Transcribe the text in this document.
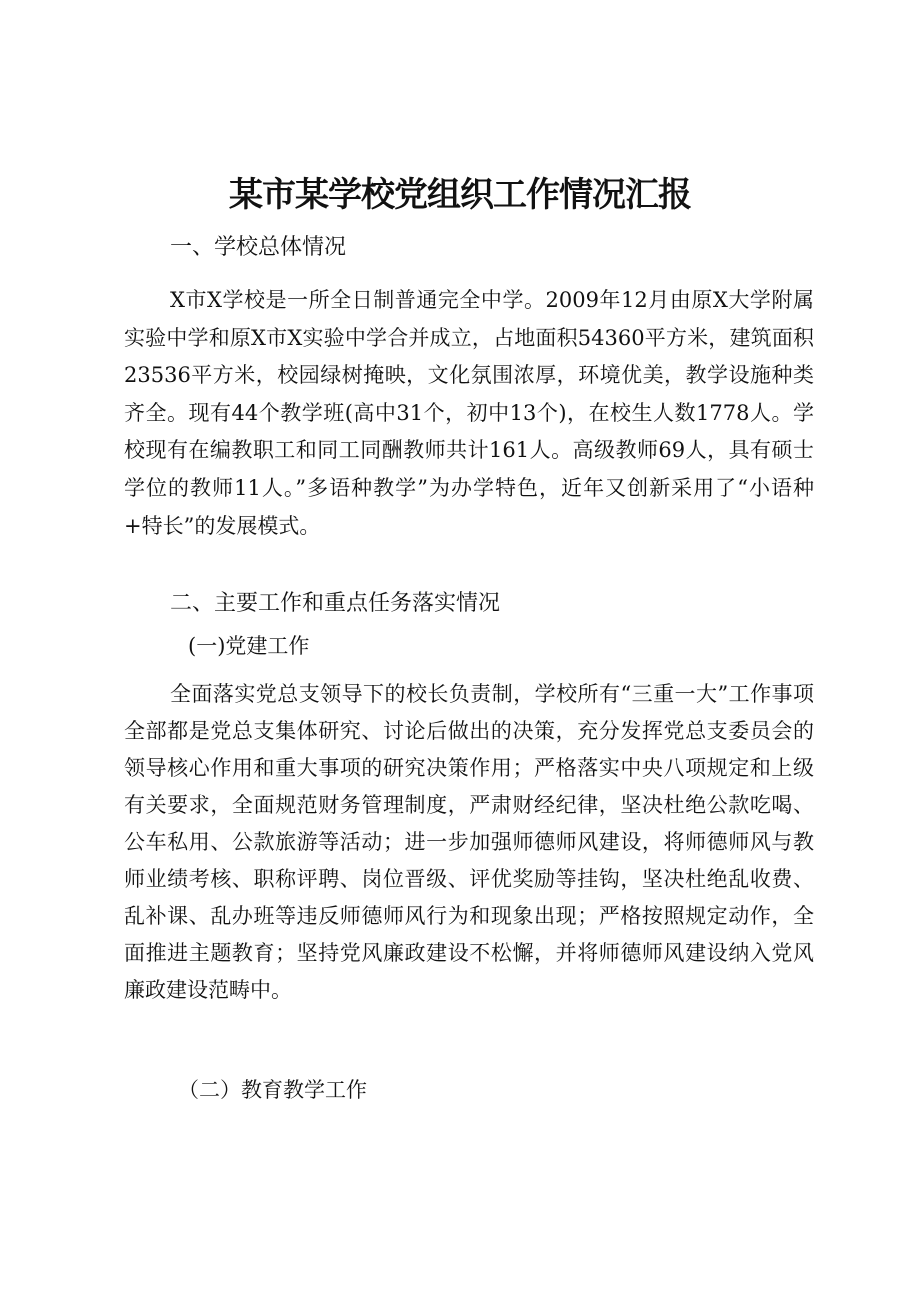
某市某学校党组织工作情况汇报
一、学校总体情况

X市X学校是一所全日制普通完全中学。2009年12月由原X大学附属实验中学和原X市X实验中学合并成立，占地面积54360平方米，建筑面积23536平方米，校园绿树掩映，文化氛围浓厚，环境优美，教学设施种类齐全。现有44个教学班(高中31个，初中13个)，在校生人数1778人。学校现有在编教职工和同工同酬教师共计161人。高级教师69人，具有硕士学位的教师11人。”多语种教学”为办学特色，近年又创新采用了“小语种+特长”的发展模式。

二、主要工作和重点任务落实情况
(一)党建工作

全面落实党总支领导下的校长负责制，学校所有“三重一大”工作事项全部都是党总支集体研究、讨论后做出的决策，充分发挥党总支委员会的领导核心作用和重大事项的研究决策作用；严格落实中央八项规定和上级有关要求，全面规范财务管理制度，严肃财经纪律，坚决杜绝公款吃喝、公车私用、公款旅游等活动；进一步加强师德师风建设，将师德师风与教师业绩考核、职称评聘、岗位晋级、评优奖励等挂钩，坚决杜绝乱收费、乱补课、乱办班等违反师德师风行为和现象出现；严格按照规定动作，全面推进主题教育；坚持党风廉政建设不松懈，并将师德师风建设纳入党风廉政建设范畴中。

（二）教育教学工作
